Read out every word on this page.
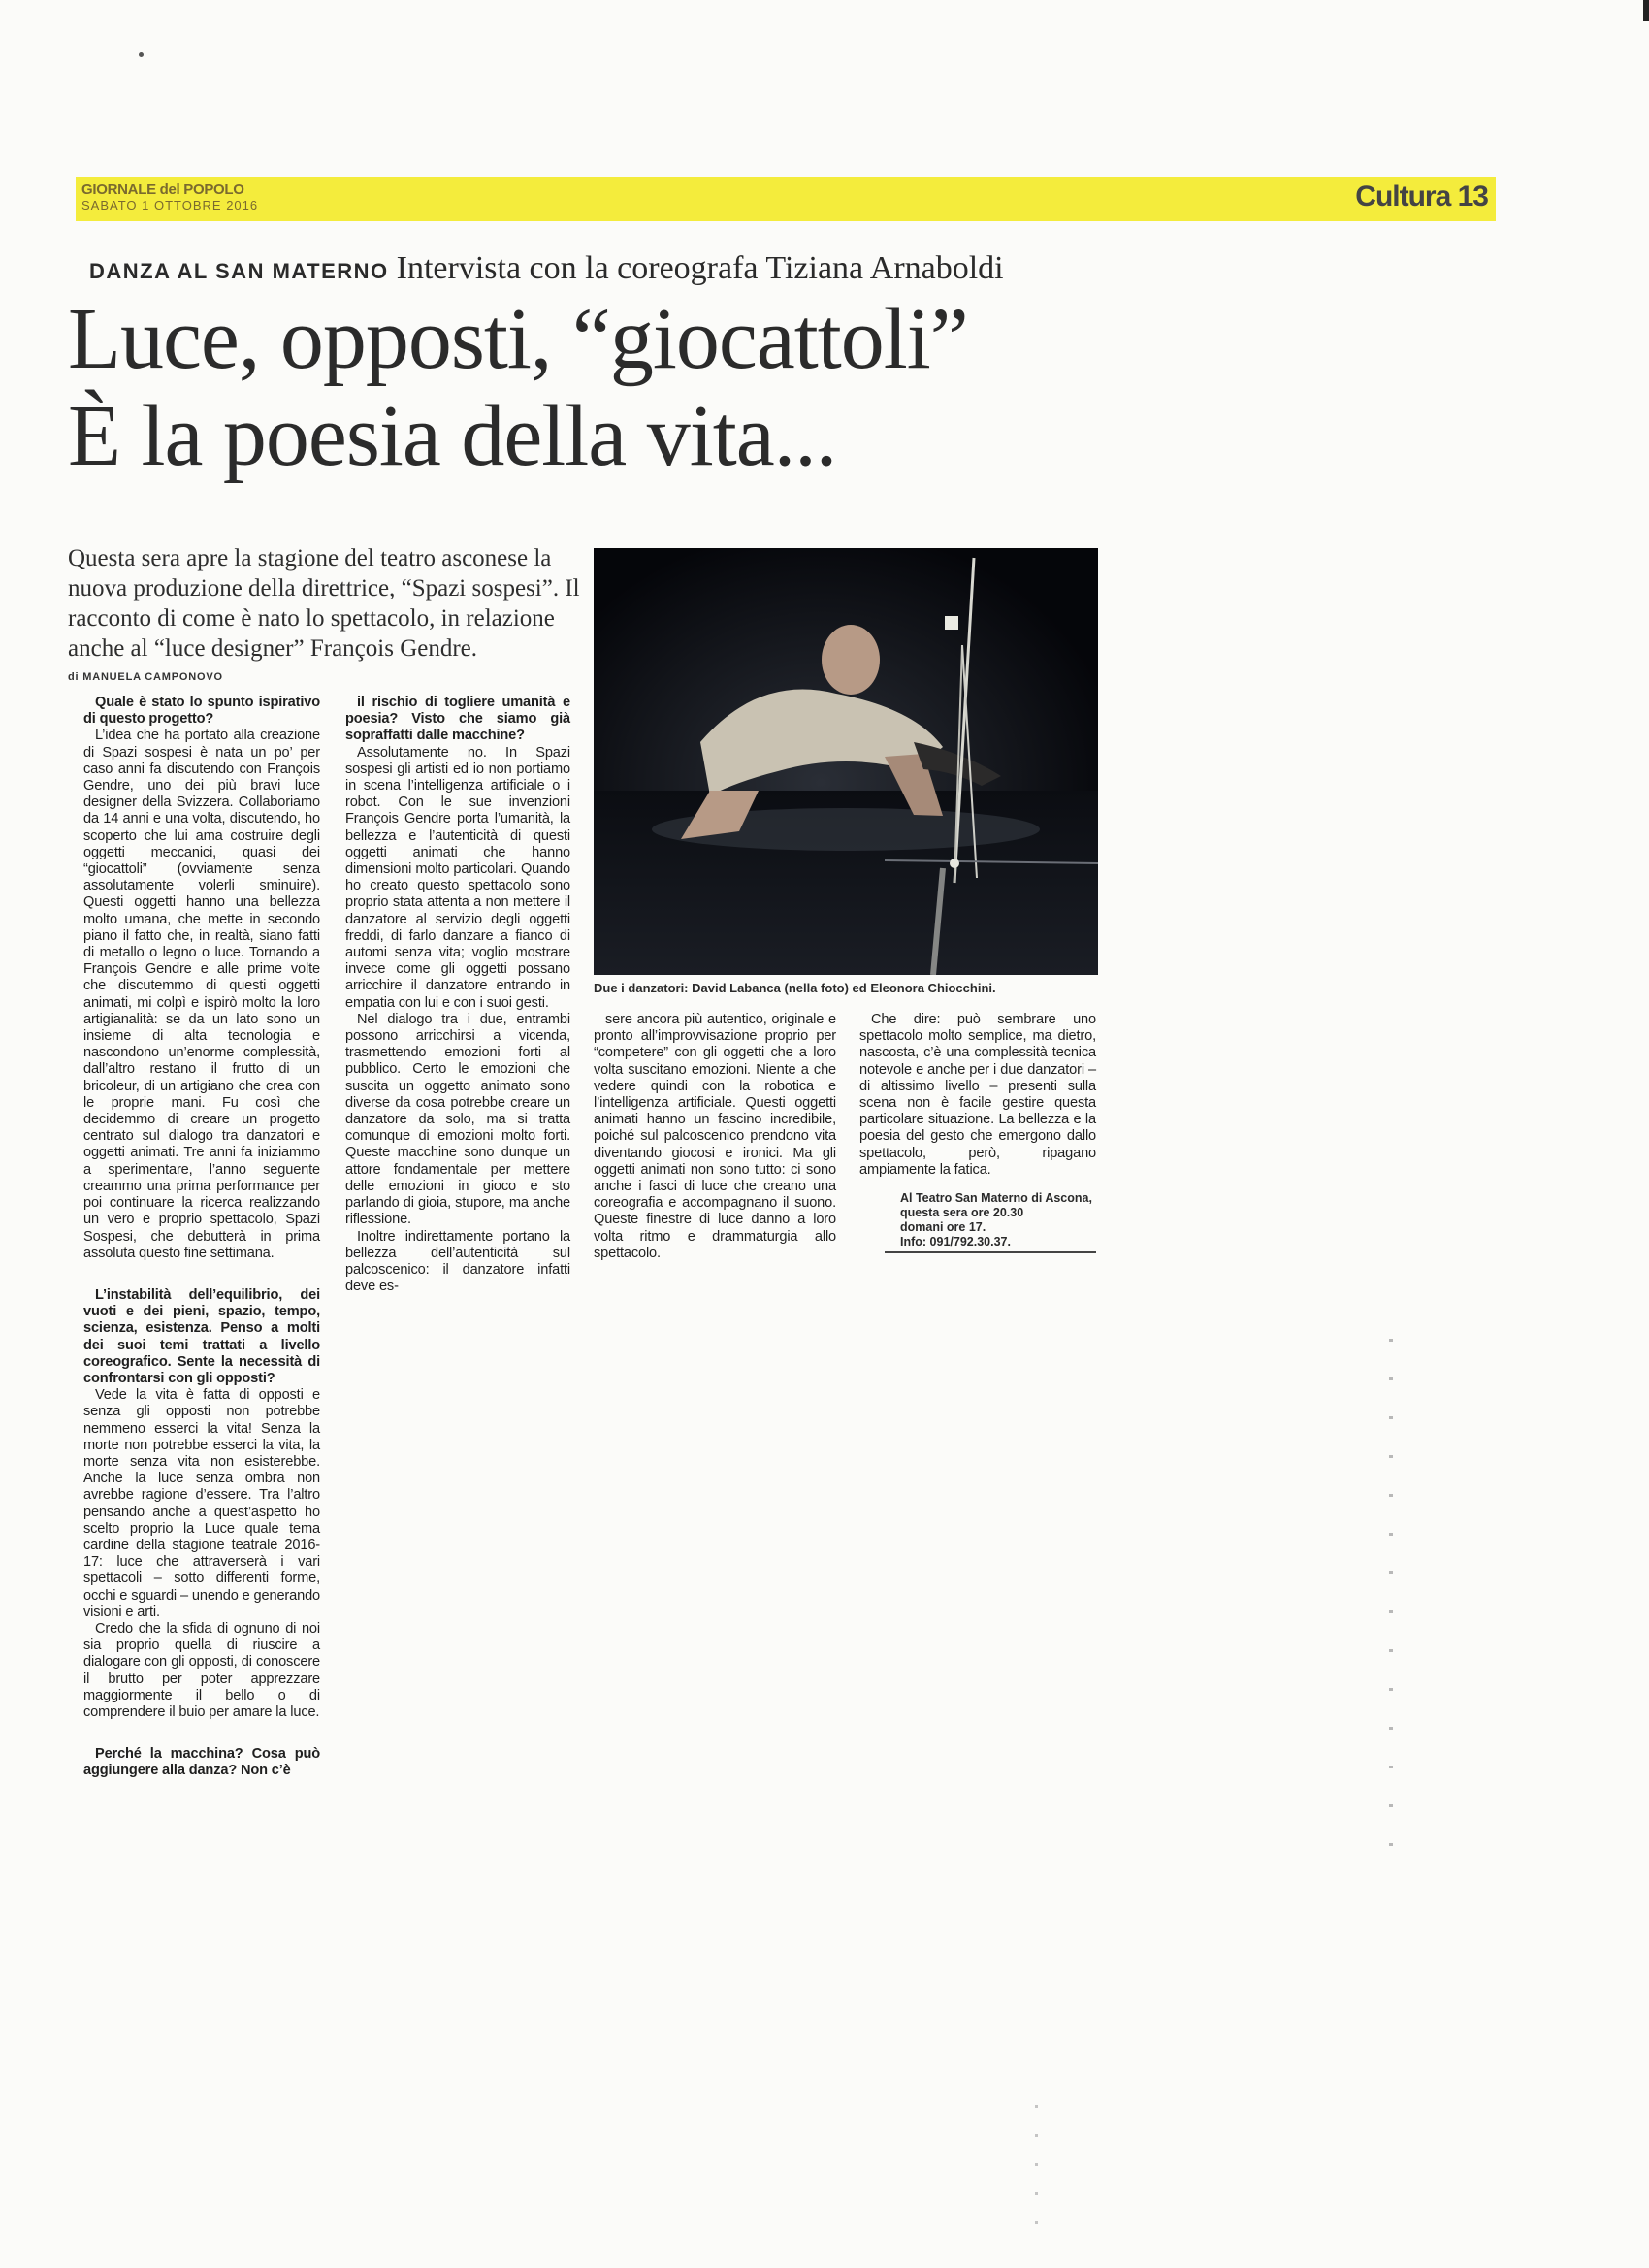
GIORNALE del POPOLO
SABATO 1 OTTOBRE 2016	Cultura 13
DANZA AL SAN MATERNO Intervista con la coreografa Tiziana Arnaboldi
Luce, opposti, “giocattoli”
È la poesia della vita...
Questa sera apre la stagione del teatro asconese la nuova produzione della direttrice, “Spazi sospesi”. Il racconto di come è nato lo spettacolo, in relazione anche al “luce designer” François Gendre.
di MANUELA CAMPONOVO

Quale è stato lo spunto ispirativo di questo progetto?

L’idea che ha portato alla creazione di Spazi sospesi è nata un po’ per caso anni fa discutendo con François Gendre, uno dei più bravi luce designer della Svizzera. Collaboriamo da 14 anni e una volta, discutendo, ho scoperto che lui ama costruire degli oggetti meccanici, quasi dei “giocattoli” (ovviamente senza assolutamente volerli sminuire). Questi oggetti hanno una bellezza molto umana, che mette in secondo piano il fatto che, in realtà, siano fatti di metallo o legno o luce. Tornando a François Gendre e alle prime volte che discutemmo di questi oggetti animati, mi colpì e ispirò molto la loro artigianalità: se da un lato sono un insieme di alta tecnologia e nascondono un’enorme complessità, dall’altro restano il frutto di un bricoleur, di un artigiano che crea con le proprie mani. Fu così che decidemmo di creare un progetto centrato sul dialogo tra danzatori e oggetti animati. Tre anni fa iniziammo a sperimentare, l’anno seguente creammo una prima performance per poi continuare la ricerca realizzando un vero e proprio spettacolo, Spazi Sospesi, che debutterà in prima assoluta questo fine settimana.

L’instabilità dell’equilibrio, dei vuoti e dei pieni, spazio, tempo, scienza, esistenza. Penso a molti dei suoi temi trattati a livello coreografico. Sente la necessità di confrontarsi con gli opposti?

Vede la vita è fatta di opposti e senza gli opposti non potrebbe nemmeno esserci la vita! Senza la morte non potrebbe esserci la vita, la morte senza vita non esisterebbe. Anche la luce senza ombra non avrebbe ragione d’essere. Tra l’altro pensando anche a quest’aspetto ho scelto proprio la Luce quale tema cardine della stagione teatrale 2016-17: luce che attraverserà i vari spettacoli – sotto differenti forme, occhi e sguardi – unendo e generando visioni e arti.

Credo che la sfida di ognuno di noi sia proprio quella di riuscire a dialogare con gli opposti, di conoscere il brutto per poter apprezzare maggiormente il bello o di comprendere il buio per amare la luce.

Perché la macchina? Cosa può aggiungere alla danza? Non c’è

il rischio di togliere umanità e poesia? Visto che siamo già sopraffatti dalle macchine?

Assolutamente no. In Spazi sospesi gli artisti ed io non portiamo in scena l’intelligenza artificiale o i robot. Con le sue invenzioni François Gendre porta l’umanità, la bellezza e l’autenticità di questi oggetti animati che hanno dimensioni molto particolari. Quando ho creato questo spettacolo sono proprio stata attenta a non mettere il danzatore al servizio degli oggetti freddi, di farlo danzare a fianco di automi senza vita; voglio mostrare invece come gli oggetti possano arricchire il danzatore entrando in empatia con lui e con i suoi gesti.

Nel dialogo tra i due, entrambi possono arricchirsi a vicenda, trasmettendo emozioni forti al pubblico. Certo le emozioni che suscita un oggetto animato sono diverse da cosa potrebbe creare un danzatore da solo, ma si tratta comunque di emozioni molto forti. Queste macchine sono dunque un attore fondamentale per mettere delle emozioni in gioco e sto parlando di gioia, stupore, ma anche riflessione.

Inoltre indirettamente portano la bellezza dell’autenticità sul palcoscenico: il danzatore infatti deve es-

Due i danzatori: David Labanca (nella foto) ed Eleonora Chiocchini.

sere ancora più autentico, originale e pronto all’improvvisazione proprio per “competere” con gli oggetti che a loro volta suscitano emozioni. Niente a che vedere quindi con la robotica e l’intelligenza artificiale. Questi oggetti animati hanno un fascino incredibile, poiché sul palcoscenico prendono vita diventando giocosi e ironici. Ma gli oggetti animati non sono tutto: ci sono anche i fasci di luce che creano una coreografia e accompagnano il suono. Queste finestre di luce danno a loro volta ritmo e drammaturgia allo spettacolo.

Che dire: può sembrare uno spettacolo molto semplice, ma dietro, nascosta, c’è una complessità tecnica notevole e anche per i due danzatori – di altissimo livello – presenti sulla scena non è facile gestire questa particolare situazione. La bellezza e la poesia del gesto che emergono dallo spettacolo, però, ripagano ampiamente la fatica.

Al Teatro San Materno di Ascona,
questa sera ore 20.30
domani ore 17.
Info: 091/792.30.37.
